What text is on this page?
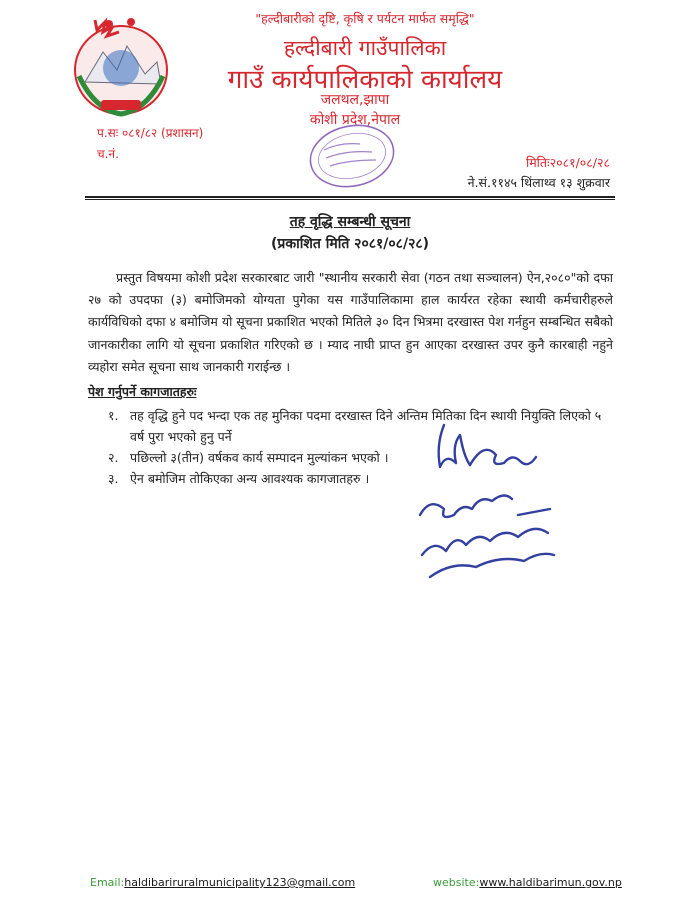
"हल्दीबारीको दृष्टि, कृषि र पर्यटन मार्फत समृद्धि"
हल्दीबारी गाउँपालिका
गाउँ कार्यपालिकाको कार्यालय
जलथल,झापा
कोशी प्रदेश,नेपाल
प.सः ०८१/८२ (प्रशासन)
च.नं.
मितिः२०८१/०८/२८
ने.सं.११४५ थिंलाथ्व १३ शुक्रवार
तह वृद्धि सम्बन्धी सूचना
(प्रकाशित मिति २०८१/०८/२८)
प्रस्तुत विषयमा कोशी प्रदेश सरकारबाट जारी "स्थानीय सरकारी सेवा (गठन तथा सञ्चालन) ऐन,२०८०"को दफा २७ को उपदफा (३) बमोजिमको योग्यता पुगेका यस गाउँपालिकामा हाल कार्यरत रहेका स्थायी कर्मचारीहरुले कार्यविधिको दफा ४ बमोजिम यो सूचना प्रकाशित भएको मितिले ३० दिन भित्रमा दरखास्त पेश गर्नहुन सम्बन्धित सबैको जानकारीका लागि यो सूचना प्रकाशित गरिएको छ । म्याद नाघी प्राप्त हुन आएका दरखास्त उपर कुनै कारबाही नहुने व्यहोरा समेत सूचना साथ जानकारी गराईन्छ ।
पेश गर्नुपर्ने कागजातहरुः
१. तह वृद्धि हुने पद भन्दा एक तह मुनिका पदमा दरखास्त दिने अन्तिम मितिका दिन स्थायी नियुक्ति लिएको ५ वर्ष पुरा भएको हुनु पर्ने
२. पछिल्लो ३(तीन) वर्षकव कार्य सम्पादन मुल्यांकन भएको ।
३. ऐन बमोजिम तोकिएका अन्य आवश्यक कागजातहरु ।
Email:haldibariruralmunicipality123@gmail.com	website:www.haldibarimun.gov.np
